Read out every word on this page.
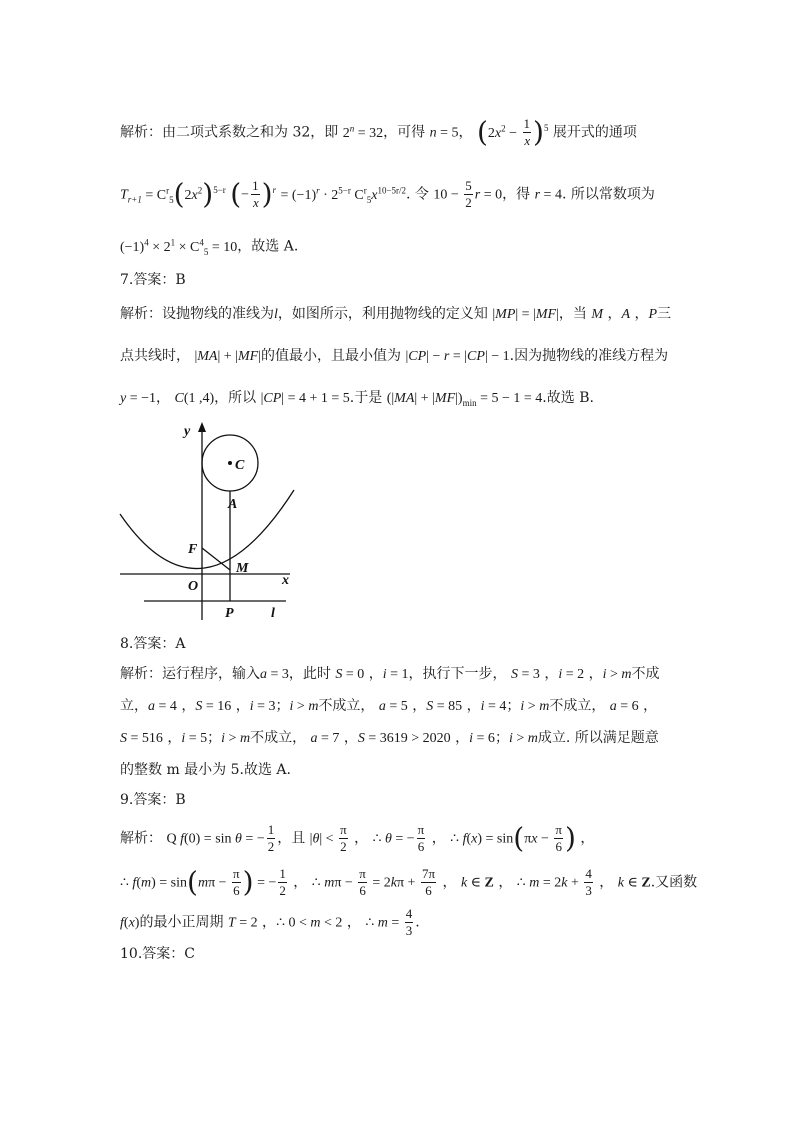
解析：由二项式系数之和为 32，即 $2^n = 32$，可得 n = 5， $(2x^2 - \frac{1}{x} )^5$ 展开式的通项
$T_{r+1} = C^r_5(2x^2)^{5-r}$ (− $\frac{1}{x} )^r = (-1)^r \cdot 2^{5-r}$ $C^r_5x^{10-5r/2}$. 令 $10 - \frac{5}{2}$ r = 0，得 r = 4. 所以常数项为
$(-1)^4 \times 2^1 \times C^4_5 = 10$，故选 A.
7.答案：B
解析：设抛物线的准线为l，如图所示，利用抛物线的定义知 |MP| = |MF|，当 M ，A ，P三
点共线时， |MA| + |MF|的值最小，且最小值为 |CP| − r = |CP| − 1.因为抛物线的准线方程为
y = −1， C(1 ,4)，所以 |CP| = 4 + 1 = 5.于是 $(|MA| + |MF|)_{min} = 5 - 1 = 4$.故选 B.
y
x
C
A
F
M
O
P	l
8.答案：A
解析：运行程序，输入a = 3，此时 S = 0 ，i = 1，执行下一步， S = 3 ，i = 2 ，i > m不成
立，a = 4 ，S = 16 ，i = 3；i > m不成立， a = 5 ，S = 85 ，i = 4；i > m不成立， a = 6 ，
S = 516 ，i = 5；i > m不成立， a = 7 ，S = 3619 > 2020 ，i = 6；i > m成立. 所以满足题意
的整数 m 最小为 5.故选 A.
9.答案：B
解析： Q f(0) = sin θ = − $\frac{1}{2}$ ，且 $|\theta| < \frac{\pi}{2}$ ， ∴ θ = − $\frac{\pi}{6}$ ， ∴ $f(x) = \sin(\pi x - \frac{\pi}{6}$ ) ，
∴ $f(m) = \sin(m\pi - \frac{\pi}{6}$ ) = − $\frac{1}{2}$ ， ∴ $m\pi - \frac{\pi}{6} = 2k\pi + \frac{7\pi}{6}$ ， k ∈ Z ， ∴ $m = 2k + \frac{4}{3}$ ， k ∈ Z.又函数
f(x)的最小正周期 T = 2 ，∴ 0 < m < 2 ， ∴ $m = \frac{4}{3}$ .
10.答案：C
